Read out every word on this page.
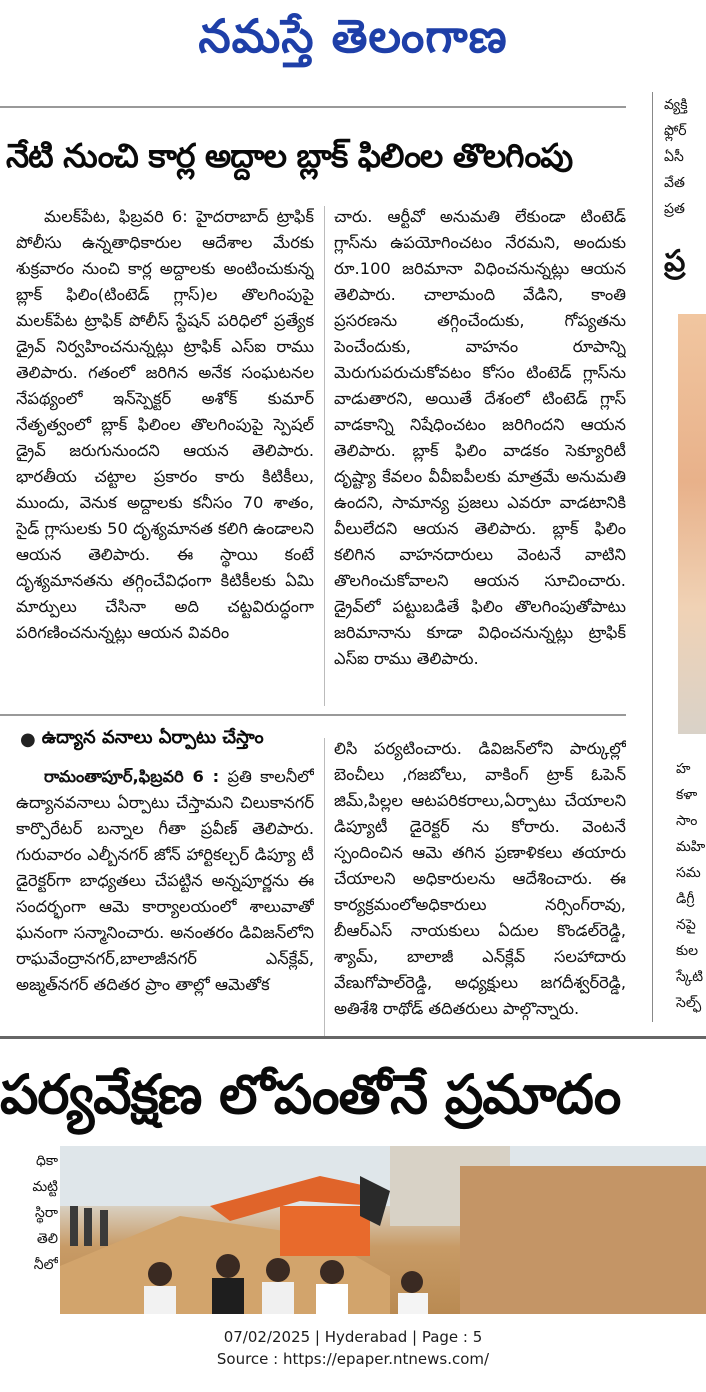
నమస్తే తెలంగాణ
నేటి నుంచి కార్ల అద్దాల బ్లాక్‌ ఫిలింల తొలగింపు

మలక్‌పేట, ఫిబ్రవరి 6: హైదరాబాద్‌ ట్రాఫిక్‌ పోలీసు ఉన్నతాధికారుల ఆదేశాల మేరకు శుక్రవారం నుంచి కార్ల అద్దాలకు అంటించుకున్న బ్లాక్‌ ఫిలిం(టింటెడ్‌ గ్లాస్‌)ల తొలగింపుపై మలక్‌పేట ట్రాఫిక్‌ పోలీస్‌ స్టేషన్‌ పరిధిలో ప్రత్యేక డ్రైవ్‌ నిర్వహించనున్నట్లు ట్రాఫిక్‌ ఎస్‌ఐ రాము తెలిపారు. గతంలో జరిగిన అనేక సంఘటనల నేపథ్యంలో ఇన్‌స్పెక్టర్‌ అశోక్‌ కుమార్‌ నేతృత్వంలో బ్లాక్‌ ఫిలింల తొలగింపుపై స్పెషల్‌ డ్రైవ్‌ జరుగునుందని ఆయన తెలిపారు. భారతీయ చట్టాల ప్రకారం కారు కిటికీలు, ముందు, వెనుక అద్దాలకు కనీసం 70 శాతం, సైడ్‌ గ్లాసులకు 50 దృశ్యమానత కలిగి ఉండాలని ఆయన తెలిపారు. ఈ స్థాయి కంటే దృశ్యమానతను తగ్గించేవిధంగా కిటికీలకు ఏమి మార్పులు చేసినా అది చట్టవిరుద్ధంగా పరిగణించనున్నట్లు ఆయన వివరిం

చారు. ఆర్టీవో అనుమతి లేకుండా టింటెడ్‌ గ్లాస్‌ను ఉపయోగించటం నేరమని, అందుకు రూ.100 జరిమానా విధించనున్నట్లు ఆయన తెలిపారు. చాలామంది వేడిని, కాంతి ప్రసరణను తగ్గించేందుకు, గోప్యతను పెంచేందుకు, వాహనం రూపాన్ని మెరుగుపరుచుకోవటం కోసం టింటెడ్‌ గ్లాస్‌ను వాడుతారని, అయితే దేశంలో టింటెడ్‌ గ్లాస్‌ వాడకాన్ని నిషేధించటం జరిగిందని ఆయన తెలిపారు. బ్లాక్‌ ఫిలిం వాడకం సెక్యూరిటీ దృష్ట్యా కేవలం వీవీఐపీలకు మాత్రమే అనుమతి ఉందని, సామాన్య ప్రజలు ఎవరూ వాడటానికి వీలులేదని ఆయన తెలిపారు. బ్లాక్‌ ఫిలిం కలిగిన వాహనదారులు వెంటనే వాటిని తొలగించుకోవాలని ఆయన సూచించారు. డ్రైవ్‌లో పట్టుబడితే ఫిలిం తొలగింపుతోపాటు జరిమానాను కూడా విధించనున్నట్లు ట్రాఫిక్‌ ఎస్‌ఐ రాము తెలిపారు.

● ఉద్యాన వనాలు ఏర్పాటు చేస్తాం

రామంతాపూర్‌,ఫిబ్రవరి 6 : ప్రతి కాలనీలో ఉద్యానవనాలు ఏర్పాటు చేస్తామని చిలుకానగర్‌ కార్పొరేటర్‌ బన్నాల గీతా ప్రవీణ్‌ తెలిపారు. గురువారం ఎల్బీనగర్‌ జోన్‌ హార్టికల్చర్‌ డిప్యూ టీ డైరెక్టర్‌గా బాధ్యతలు చేపట్టిన అన్నపూర్ణను ఈ సందర్భంగా ఆమె కార్యాలయంలో శాలువాతో ఘనంగా సన్మానించారు. అనంతరం డివిజన్‌లోని రాఘవేంద్రానగర్‌,బాలాజీనగర్‌ ఎన్‌క్లేవ్‌, అజ్మత్‌నగర్‌ తదితర ప్రాం తాల్లో ఆమెతోక

లిసి పర్యటించారు. డివిజన్‌లోని పార్కుల్లో బెంచీలు ,గజబోలు, వాకింగ్‌ ట్రాక్‌ ఓపెన్‌ జిమ్‌,పిల్లల ఆటపరికరాలు,ఏర్పాటు చేయాలని డిప్యూటీ డైరెక్టర్‌ ను కోరారు. వెంటనే స్పందించిన ఆమె తగిన ప్రణాళికలు తయారు చేయాలని అధికారులను ఆదేశించారు. ఈ కార్యక్రమంలోఅధికారులు నర్సింగ్‌రావు, బీఆర్‌ఎస్‌ నాయకులు ఏదుల కొండల్‌రెడ్డి, శ్యామ్‌, బాలాజీ ఎన్‌క్లేవ్‌ సలహాదారు వేణుగోపాల్‌రెడ్డి, అధ్యక్షులు జగదీశ్వర్‌రెడ్డి, అతిశేశి రాథోడ్‌ తదితరులు పాల్గొన్నారు.

వ్యక్తి
ఫ్లోర్‌
ఏసీ
వేత
ప్రత
ప్ర
హ
కళా
సాం
మహి
సమ
డిగ్రీ
నపై
కుల
స్కేటి
సెల్ఫ్
పర్యవేక్షణ లోపంతోనే ప్రమాదం
ధికా
మట్టి
స్థిరా
తెలి
నీలో
07/02/2025 | Hyderabad | Page : 5
Source : https://epaper.ntnews.com/
